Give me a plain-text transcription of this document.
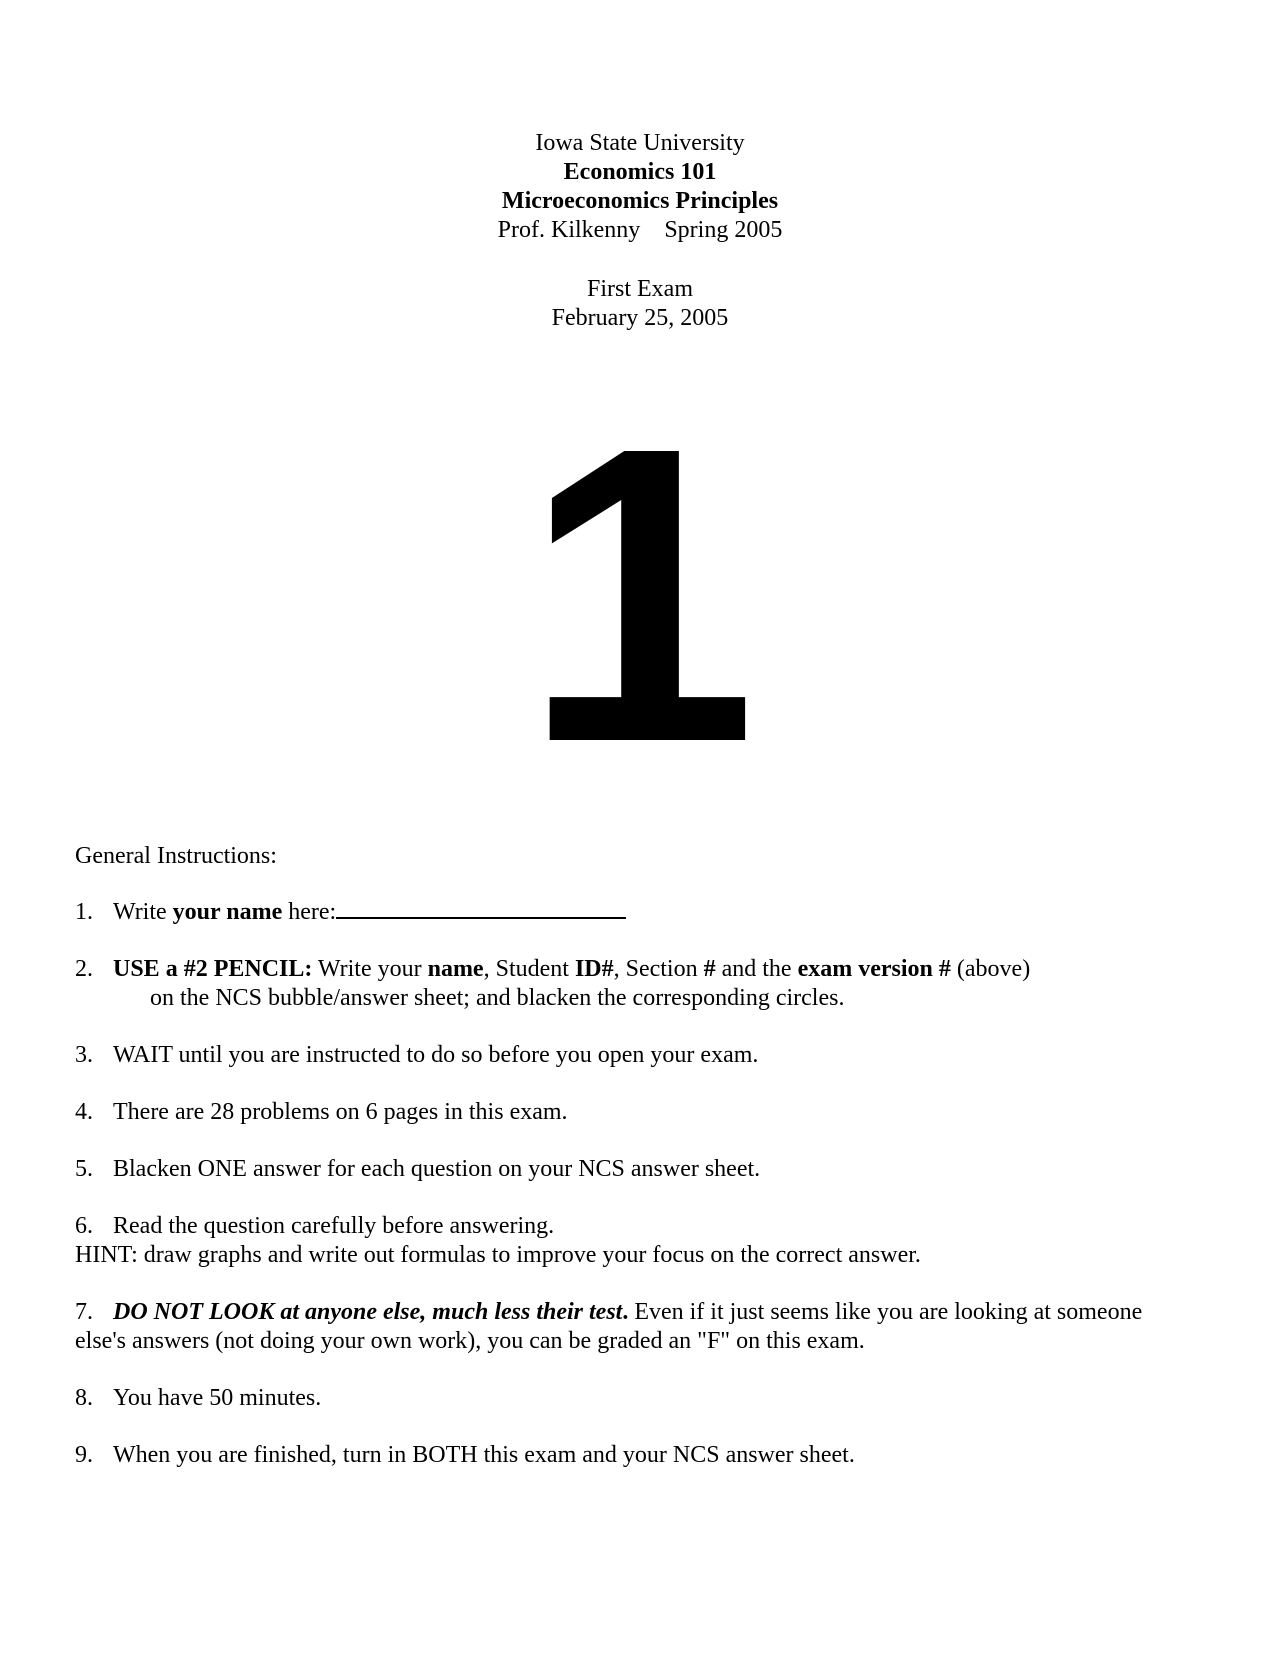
Iowa State University
Economics 101
Microeconomics Principles
Prof. Kilkenny Spring 2005
First Exam
February 25, 2005
1
General Instructions:
1. Write your name here:
2. USE a #2 PENCIL: Write your name, Student ID#, Section # and the exam version # (above)
on the NCS bubble/answer sheet; and blacken the corresponding circles.
3. WAIT until you are instructed to do so before you open your exam.
4. There are 28 problems on 6 pages in this exam.
5. Blacken ONE answer for each question on your NCS answer sheet.
6. Read the question carefully before answering.
HINT: draw graphs and write out formulas to improve your focus on the correct answer.
7. DO NOT LOOK at anyone else, much less their test. Even if it just seems like you are looking at someone
else's answers (not doing your own work), you can be graded an "F" on this exam.
8. You have 50 minutes.
9. When you are finished, turn in BOTH this exam and your NCS answer sheet.
